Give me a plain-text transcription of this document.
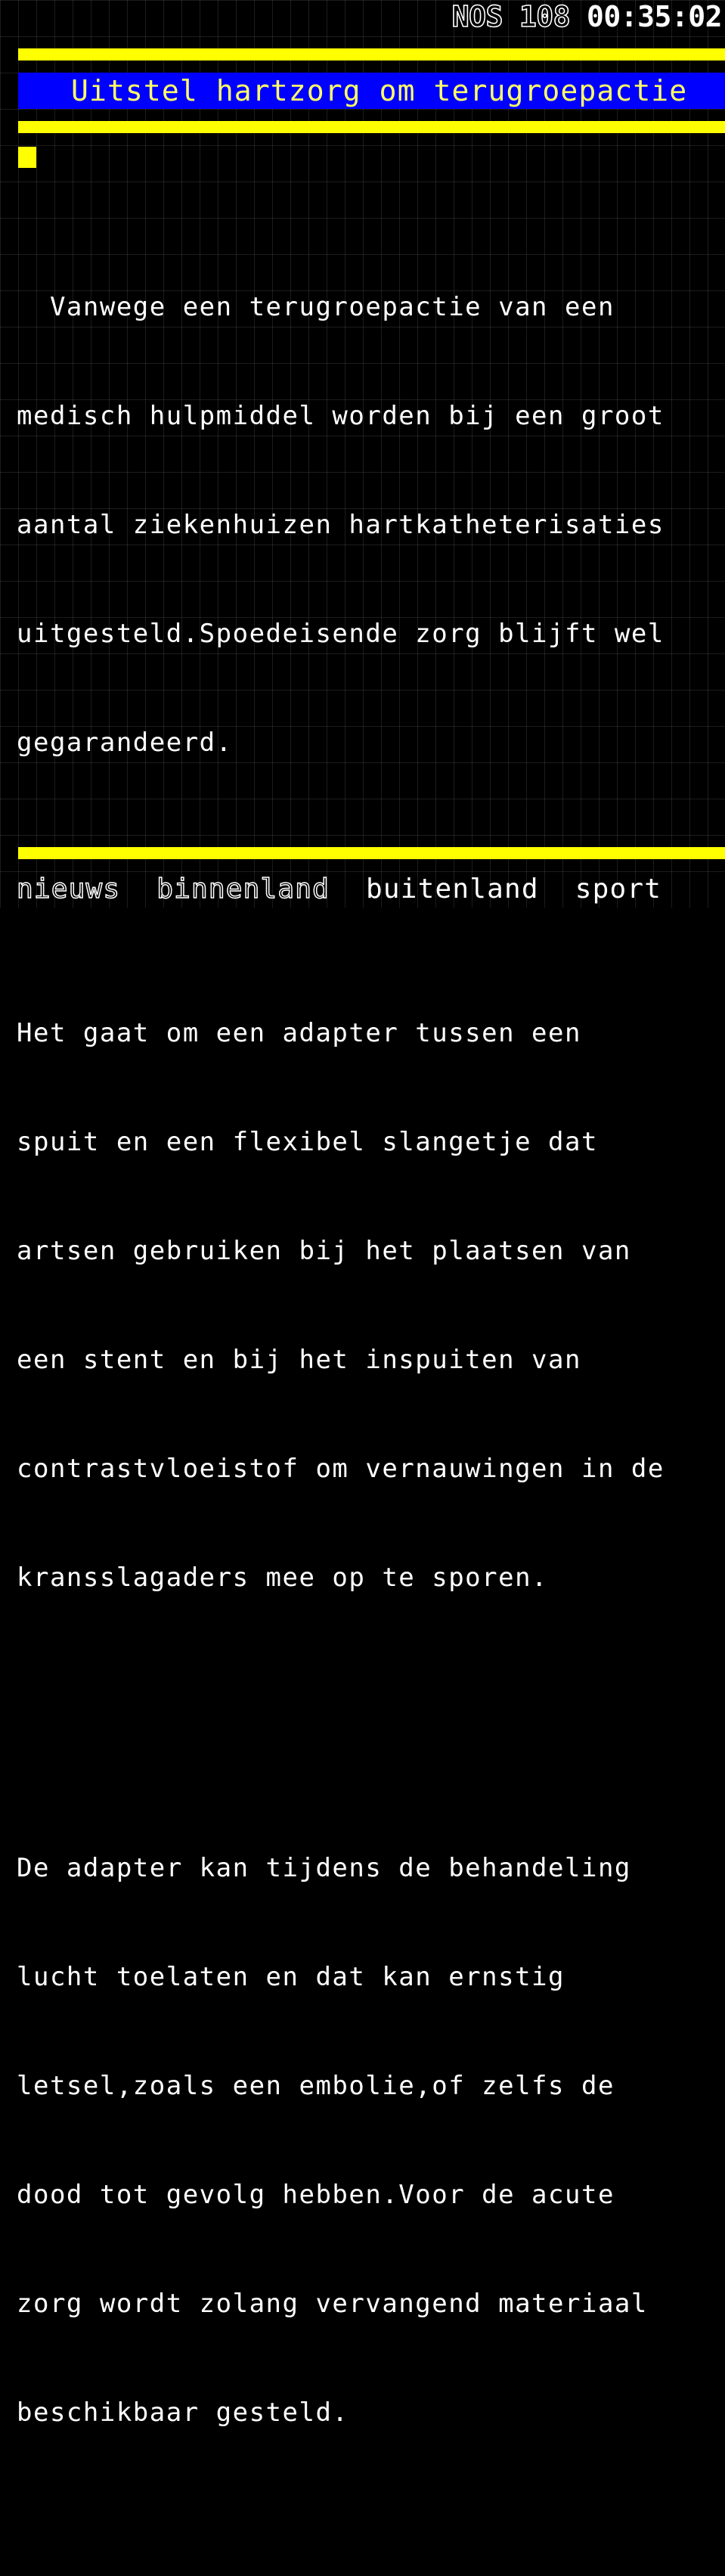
NOS 108 00:35:02
Uitstel hartzorg om terugroepactie

Vanwege een terugroepactie van een

medisch hulpmiddel worden bij een groot

aantal ziekenhuizen hartkatheterisaties

uitgesteld.Spoedeisende zorg blijft wel

gegarandeerd.

Het gaat om een adapter tussen een

spuit en een flexibel slangetje dat

artsen gebruiken bij het plaatsen van

een stent en bij het inspuiten van

contrastvloeistof om vernauwingen in de

kransslagaders mee op te sporen.

De adapter kan tijdens de behandeling

lucht toelaten en dat kan ernstig

letsel,zoals een embolie,of zelfs de

dood tot gevolg hebben.Voor de acute

zorg wordt zolang vervangend materiaal

beschikbaar gesteld.

nieuws binnenland buitenland sport
